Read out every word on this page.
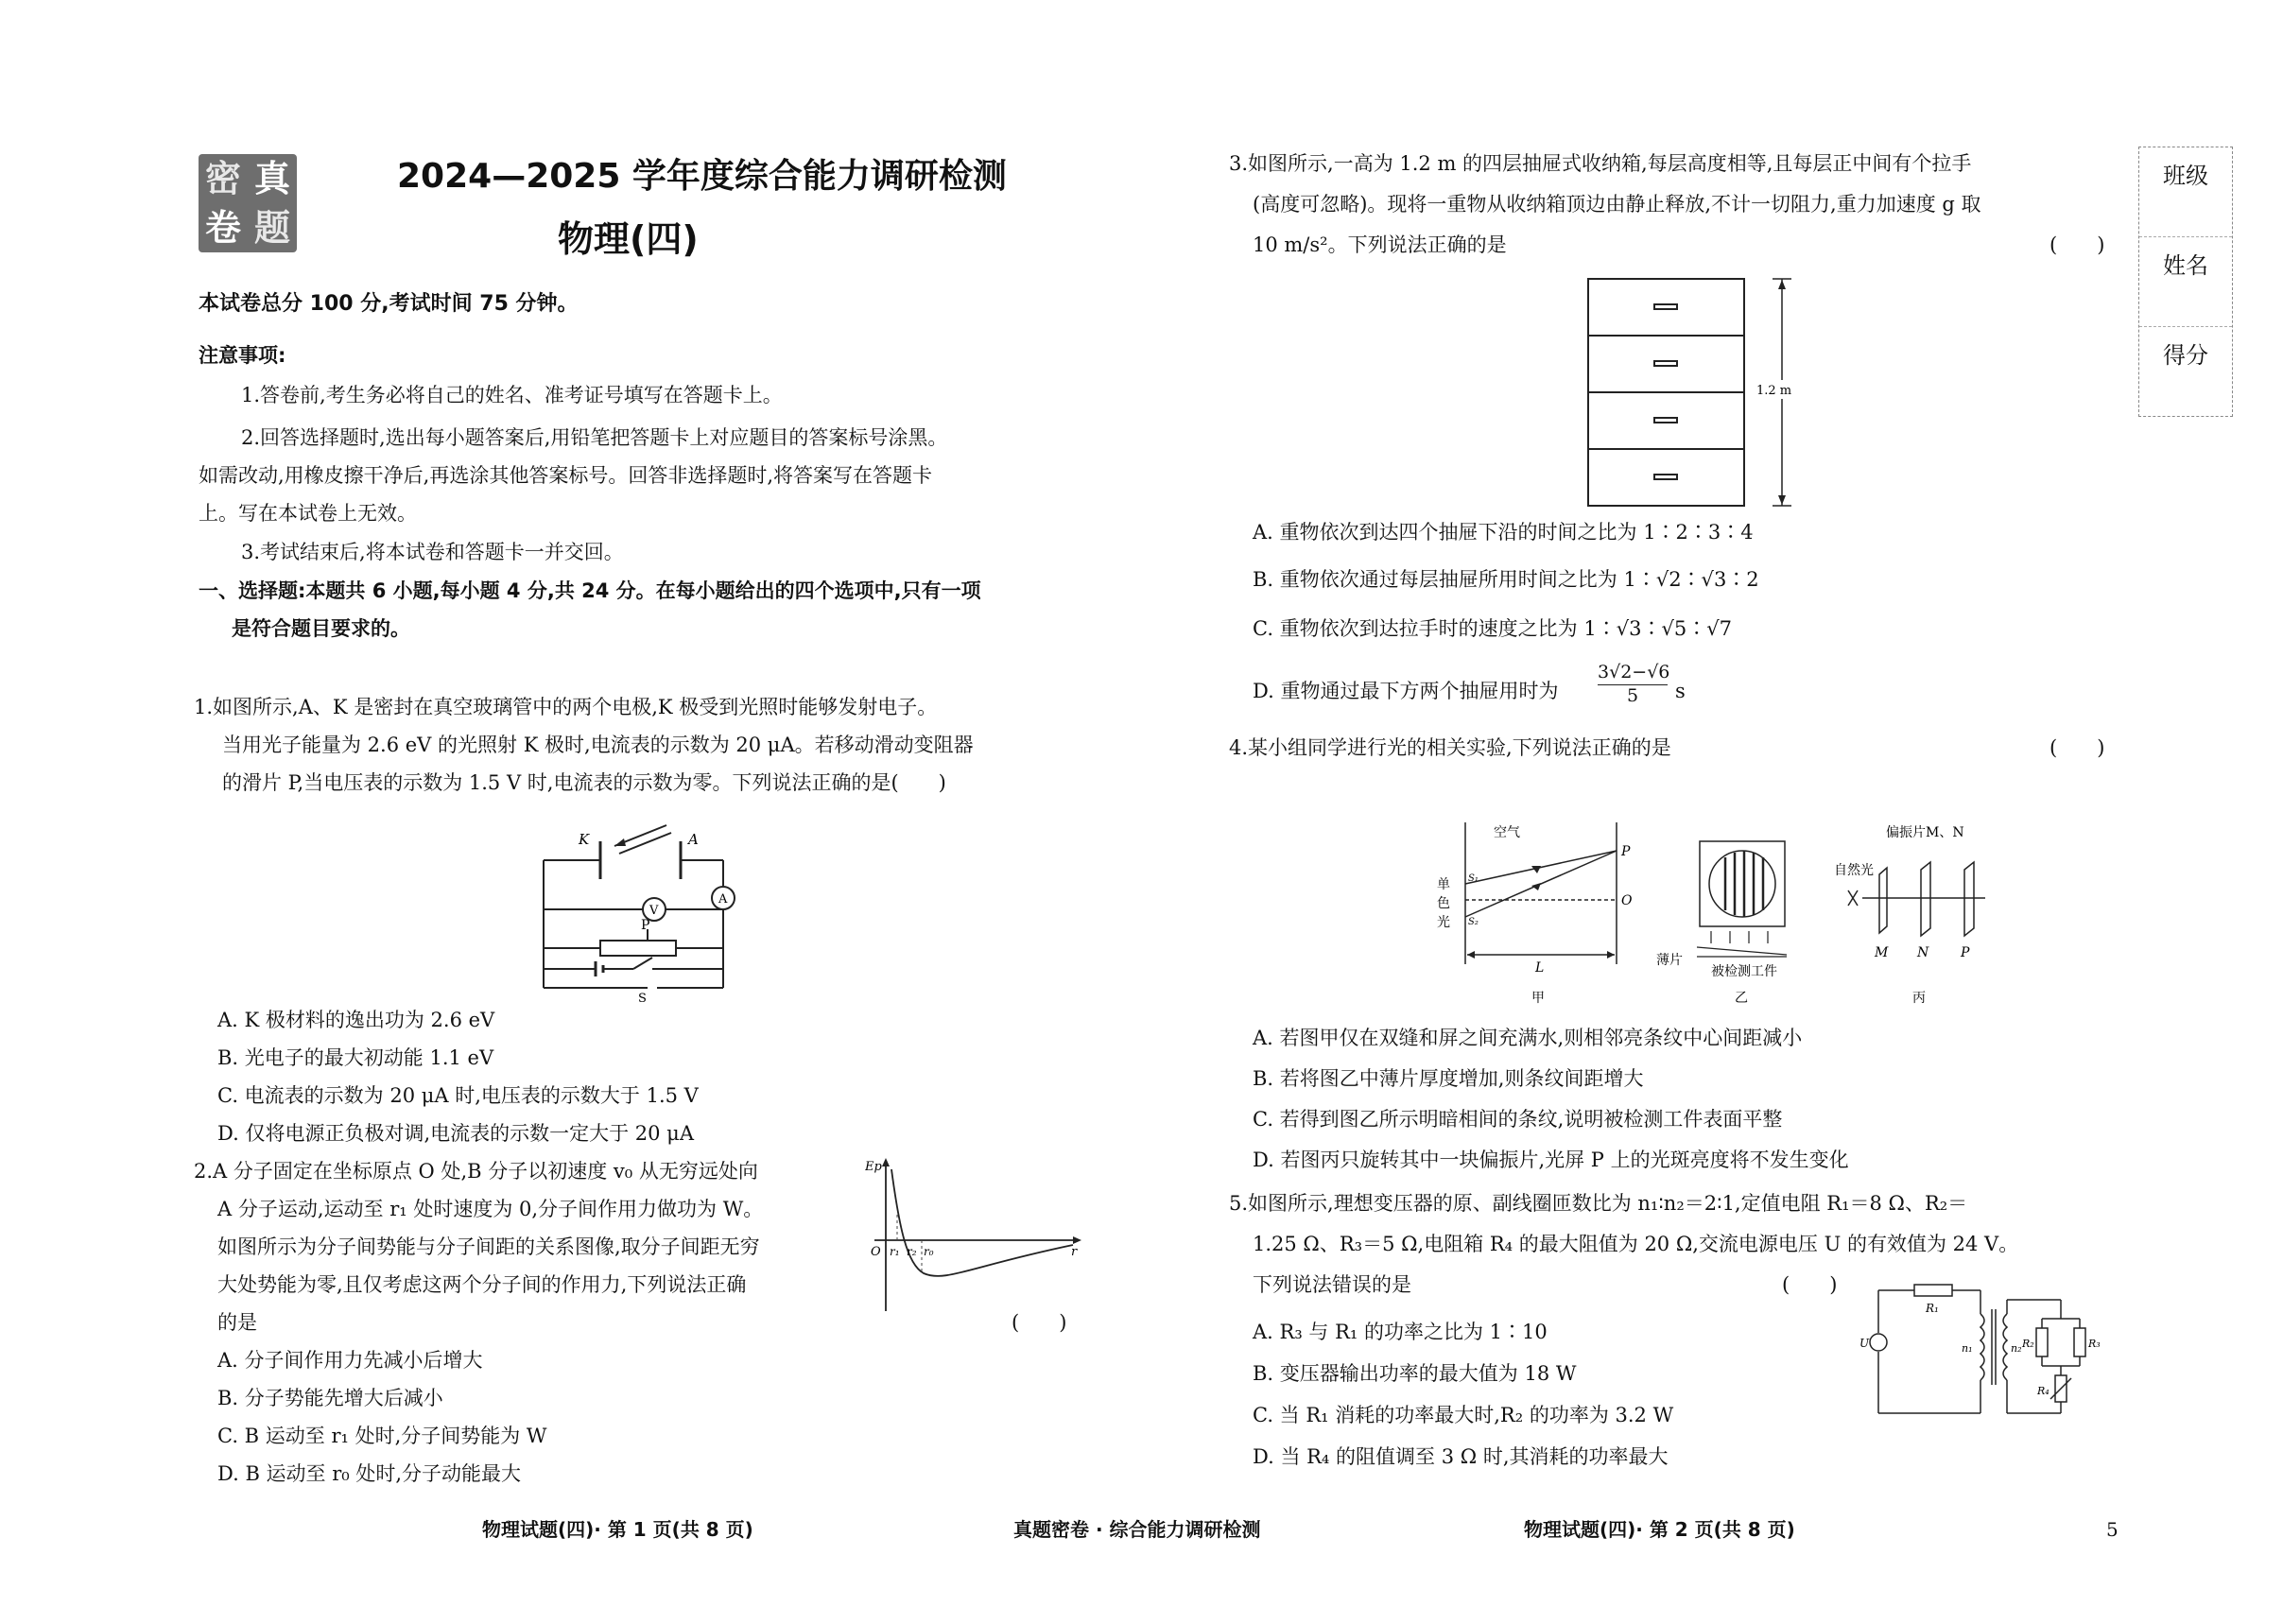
密 真
卷 题
2024—2025 学年度综合能力调研检测
物理(四)
本试卷总分 100 分,考试时间 75 分钟。
注意事项:
1.答卷前,考生务必将自己的姓名、准考证号填写在答题卡上。
2.回答选择题时,选出每小题答案后,用铅笔把答题卡上对应题目的答案标号涂黑。
如需改动,用橡皮擦干净后,再选涂其他答案标号。回答非选择题时,将答案写在答题卡
上。写在本试卷上无效。
3.考试结束后,将本试卷和答题卡一并交回。
一、选择题:本题共 6 小题,每小题 4 分,共 24 分。在每小题给出的四个选项中,只有一项
是符合题目要求的。
1.如图所示,A、K 是密封在真空玻璃管中的两个电极,K 极受到光照时能够发射电子。
当用光子能量为 2.6 eV 的光照射 K 极时,电流表的示数为 20 μA。若移动滑动变阻器
的滑片 P,当电压表的示数为 1.5 V 时,电流表的示数为零。下列说法正确的是(　　)
K	A
V
A
P
S
A. K 极材料的逸出功为 2.6 eV
B. 光电子的最大初动能 1.1 eV
C. 电流表的示数为 20 μA 时,电压表的示数大于 1.5 V
D. 仅将电源正负极对调,电流表的示数一定大于 20 μA
2.A 分子固定在坐标原点 O 处,B 分子以初速度 v₀ 从无穷远处向
A 分子运动,运动至 r₁ 处时速度为 0,分子间作用力做功为 W。
如图所示为分子间势能与分子间距的关系图像,取分子间距无穷
大处势能为零,且仅考虑这两个分子间的作用力,下列说法正确
的是	(　　)
Ep
O r₁ r₂ r₀	r
A. 分子间作用力先减小后增大
B. 分子势能先增大后减小
C. B 运动至 r₁ 处时,分子间势能为 W
D. B 运动至 r₀ 处时,分子动能最大
3.如图所示,一高为 1.2 m 的四层抽屉式收纳箱,每层高度相等,且每层正中间有个拉手
(高度可忽略)。现将一重物从收纳箱顶边由静止释放,不计一切阻力,重力加速度 g 取
10 m/s²。下列说法正确的是	(　　)
1.2 m
A. 重物依次到达四个抽屉下沿的时间之比为 1∶2∶3∶4
B. 重物依次通过每层抽屉所用时间之比为 1∶√2∶√3∶2
C. 重物依次到达拉手时的速度之比为 1∶√3∶√5∶√7
D. 重物通过最下方两个抽屉用时为 $\frac{3√2-√6}{5}$ s
4.某小组同学进行光的相关实验,下列说法正确的是	(　　)
空气
单
色
光
S₁
S₂
P
O
L
甲
薄片
被检测工件
乙
偏振片M、N
自然光
M N P
丙
A. 若图甲仅在双缝和屏之间充满水,则相邻亮条纹中心间距减小
B. 若将图乙中薄片厚度增加,则条纹间距增大
C. 若得到图乙所示明暗相间的条纹,说明被检测工件表面平整
D. 若图丙只旋转其中一块偏振片,光屏 P 上的光斑亮度将不发生变化
5.如图所示,理想变压器的原、副线圈匝数比为 n₁∶n₂＝2∶1,定值电阻 R₁＝8 Ω、R₂＝
1.25 Ω、R₃＝5 Ω,电阻箱 R₄ 的最大阻值为 20 Ω,交流电源电压 U 的有效值为 24 V。
下列说法错误的是	(　　)
A. R₃ 与 R₁ 的功率之比为 1∶10
B. 变压器输出功率的最大值为 18 W
C. 当 R₁ 消耗的功率最大时,R₂ 的功率为 3.2 W
D. 当 R₄ 的阻值调至 3 Ω 时,其消耗的功率最大
R₁
U	n₁	n₂ R₂	R₃
R₄
班级
姓名
得分
物理试题(四)· 第 1 页(共 8 页)	真题密卷 · 综合能力调研检测	物理试题(四)· 第 2 页(共 8 页)	5
